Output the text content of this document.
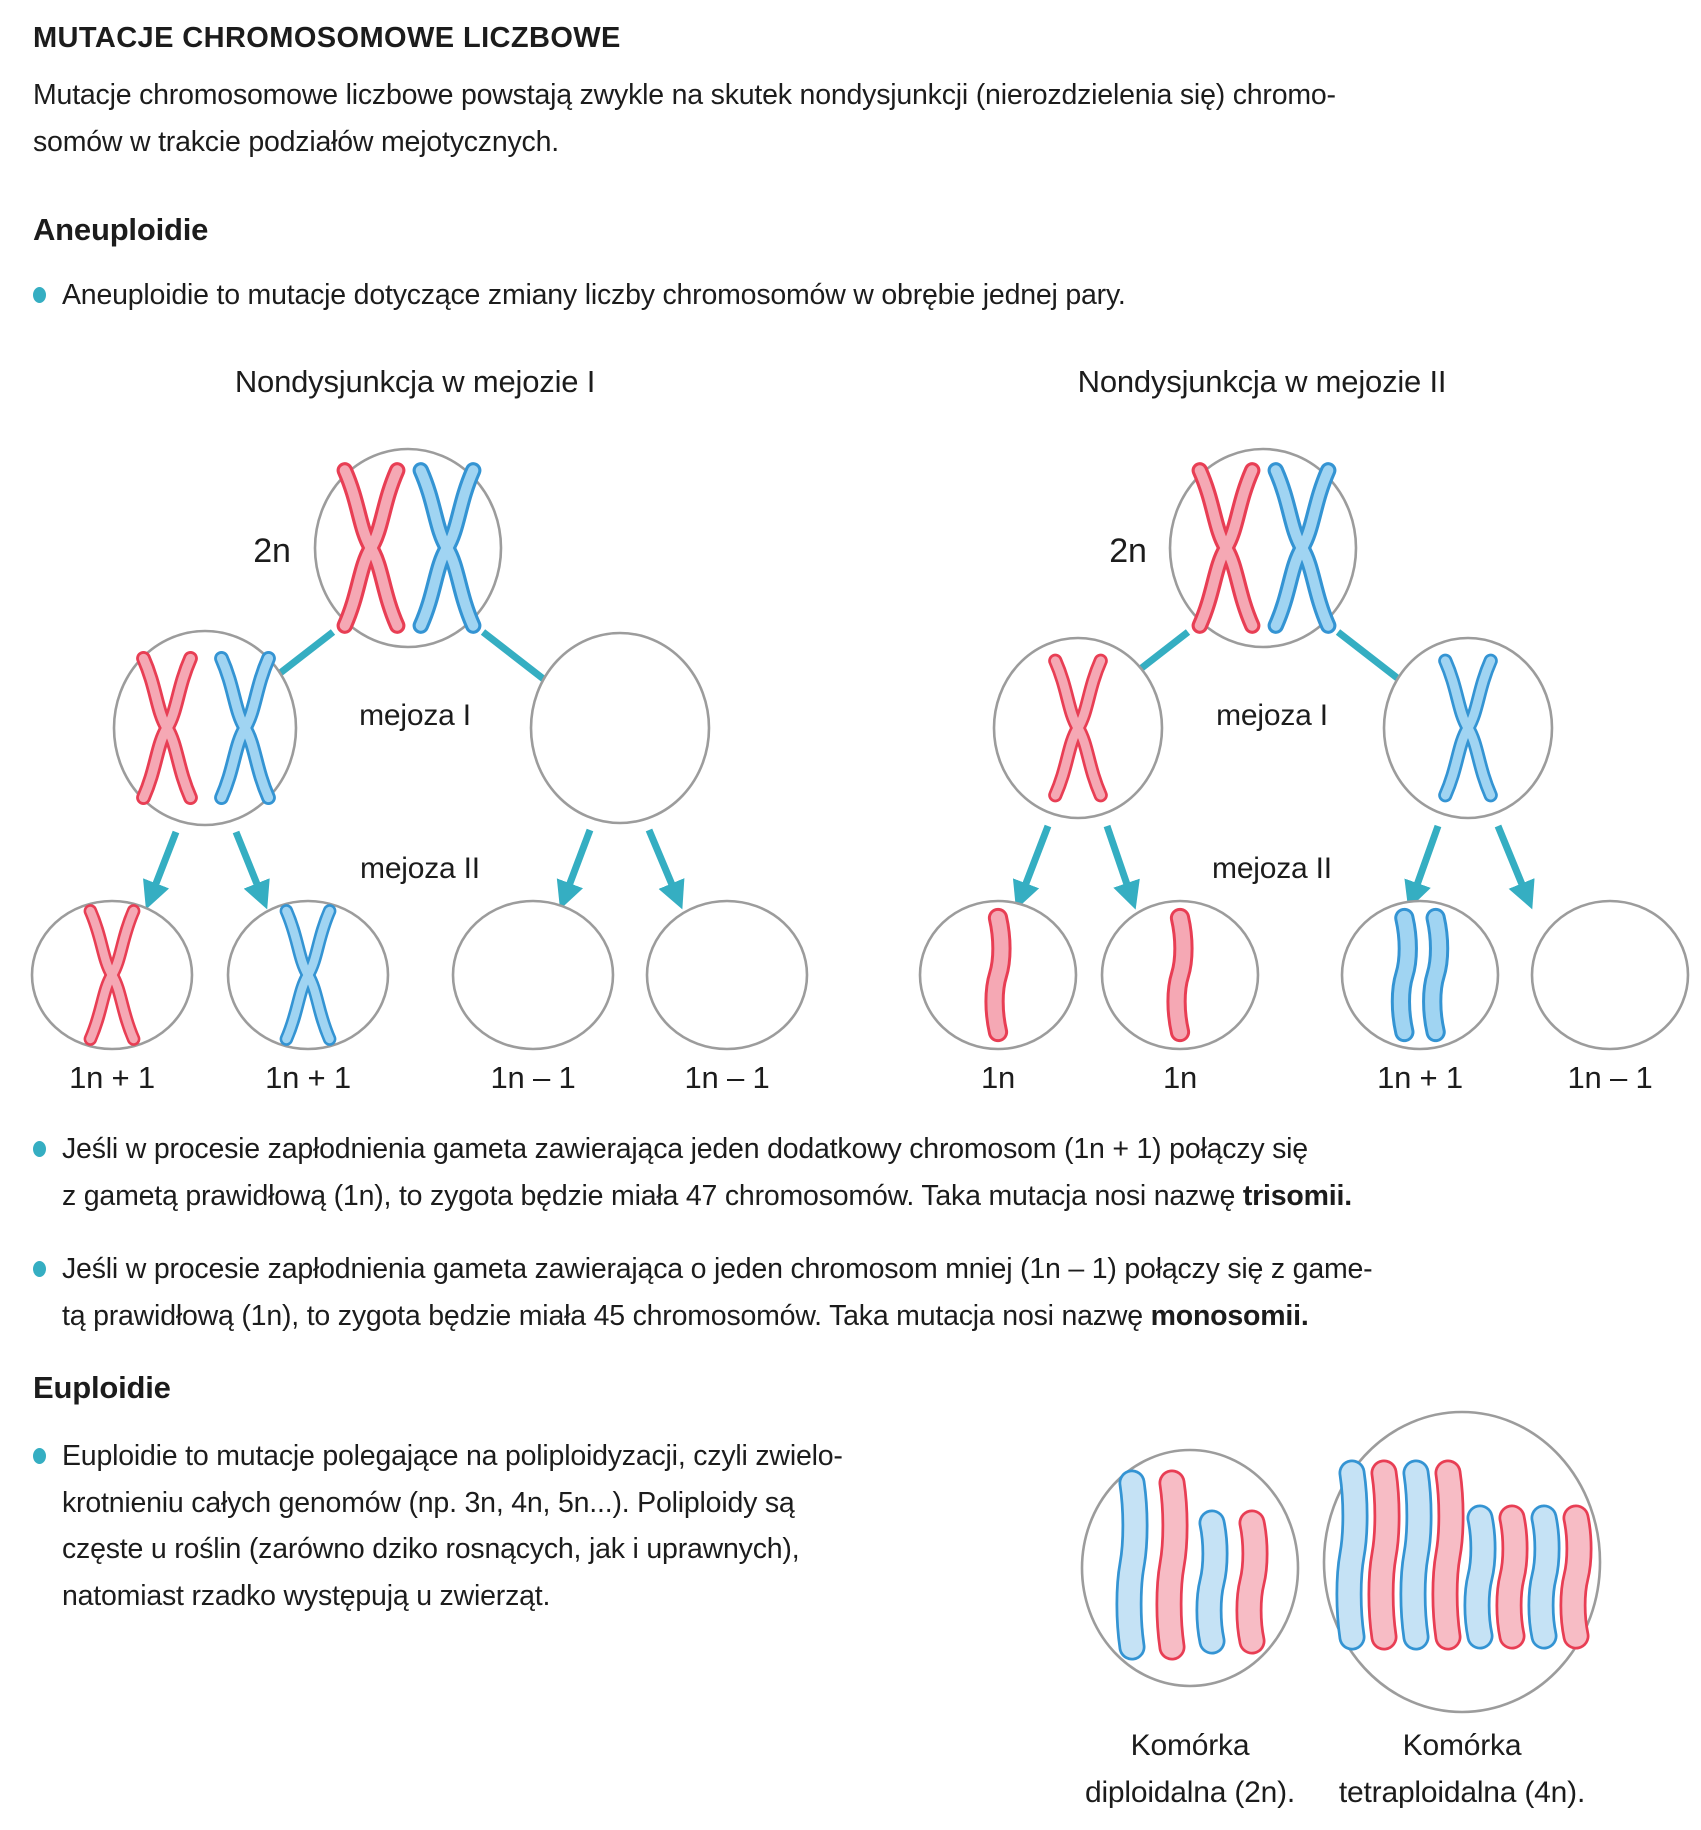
MUTACJE CHROMOSOMOWE LICZBOWE
Mutacje chromosomowe liczbowe powstają zwykle na skutek nondysjunkcji (nierozdzielenia się) chromo-
somów w trakcie podziałów mejotycznych.
Aneuploidie
Aneuploidie to mutacje dotyczące zmiany liczby chromosomów w obrębie jednej pary.
Nondysjunkcja w mejozie I
2n
mejoza I
mejoza II
1n + 1	1n + 1	1n – 1	1n – 1
Nondysjunkcja w mejozie II
2n
mejoza I
mejoza II
1n	1n	1n + 1	1n – 1
Jeśli w procesie zapłodnienia gameta zawierająca jeden dodatkowy chromosom (1n + 1) połączy się
z gametą prawidłową (1n), to zygota będzie miała 47 chromosomów. Taka mutacja nosi nazwę trisomii.
Jeśli w procesie zapłodnienia gameta zawierająca o jeden chromosom mniej (1n – 1) połączy się z game-
tą prawidłową (1n), to zygota będzie miała 45 chromosomów. Taka mutacja nosi nazwę monosomii.
Euploidie
Euploidie to mutacje polegające na poliploidyzacji, czyli zwielo-
krotnieniu całych genomów (np. 3n, 4n, 5n...). Poliploidy są
częste u roślin (zarówno dziko rosnących, jak i uprawnych),
natomiast rzadko występują u zwierząt.
Komórka
diploidalna (2n).
Komórka
tetraploidalna (4n).
